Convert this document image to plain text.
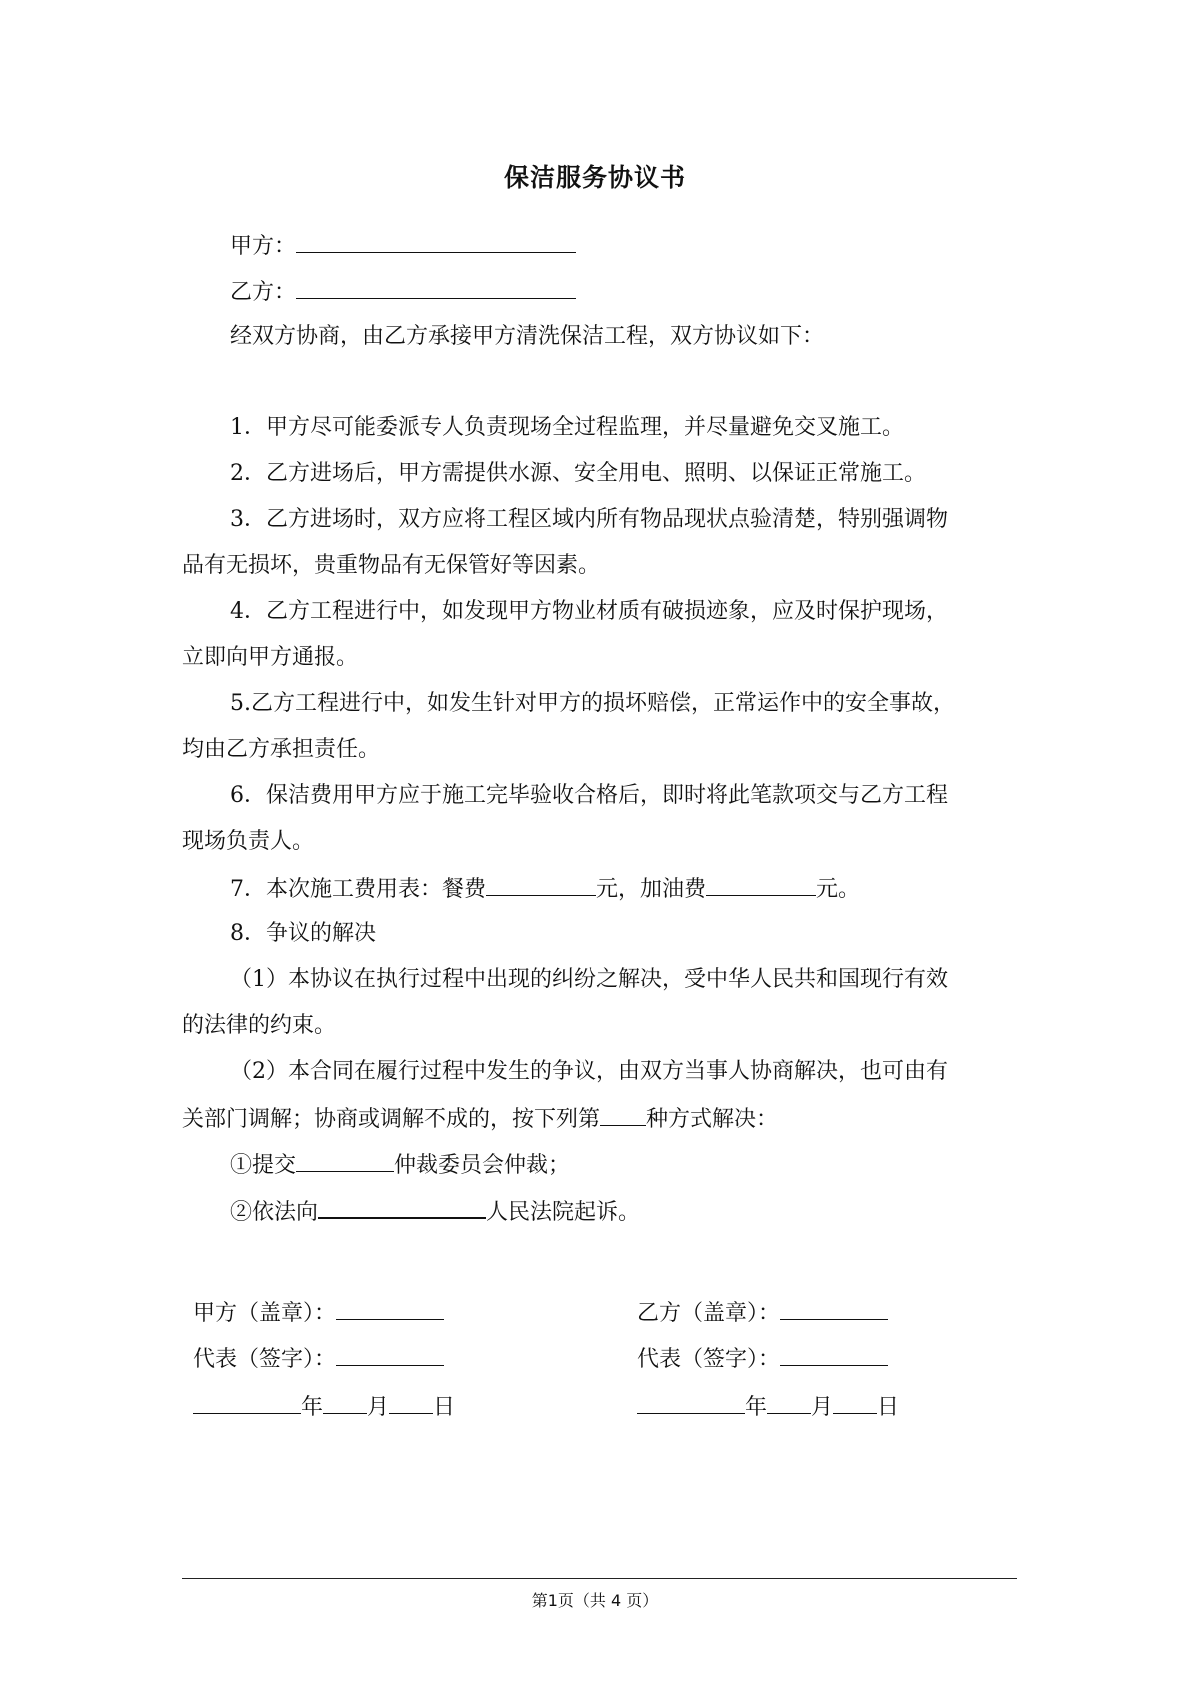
保洁服务协议书
甲方：
乙方：
经双方协商，由乙方承接甲方清洗保洁工程，双方协议如下：
1．甲方尽可能委派专人负责现场全过程监理，并尽量避免交叉施工。
2．乙方进场后，甲方需提供水源、安全用电、照明、以保证正常施工。
3．乙方进场时，双方应将工程区域内所有物品现状点验清楚，特别强调物
品有无损坏，贵重物品有无保管好等因素。
4．乙方工程进行中，如发现甲方物业材质有破损迹象，应及时保护现场，
立即向甲方通报。
5.乙方工程进行中，如发生针对甲方的损坏赔偿，正常运作中的安全事故，
均由乙方承担责任。
6．保洁费用甲方应于施工完毕验收合格后，即时将此笔款项交与乙方工程
现场负责人。
7．本次施工费用表：餐费	元，加油费	元。
8．争议的解决
（1）本协议在执行过程中出现的纠纷之解决，受中华人民共和国现行有效
的法律的约束。
（2）本合同在履行过程中发生的争议，由双方当事人协商解决，也可由有
关部门调解；协商或调解不成的，按下列第 种方式解决：
①提交	仲裁委员会仲裁；
②依法向	人民法院起诉。
甲方（盖章）：
代表（签字）：
年 月 日
乙方（盖章）：
代表（签字）：
年 月 日
第1页（共 4 页）
